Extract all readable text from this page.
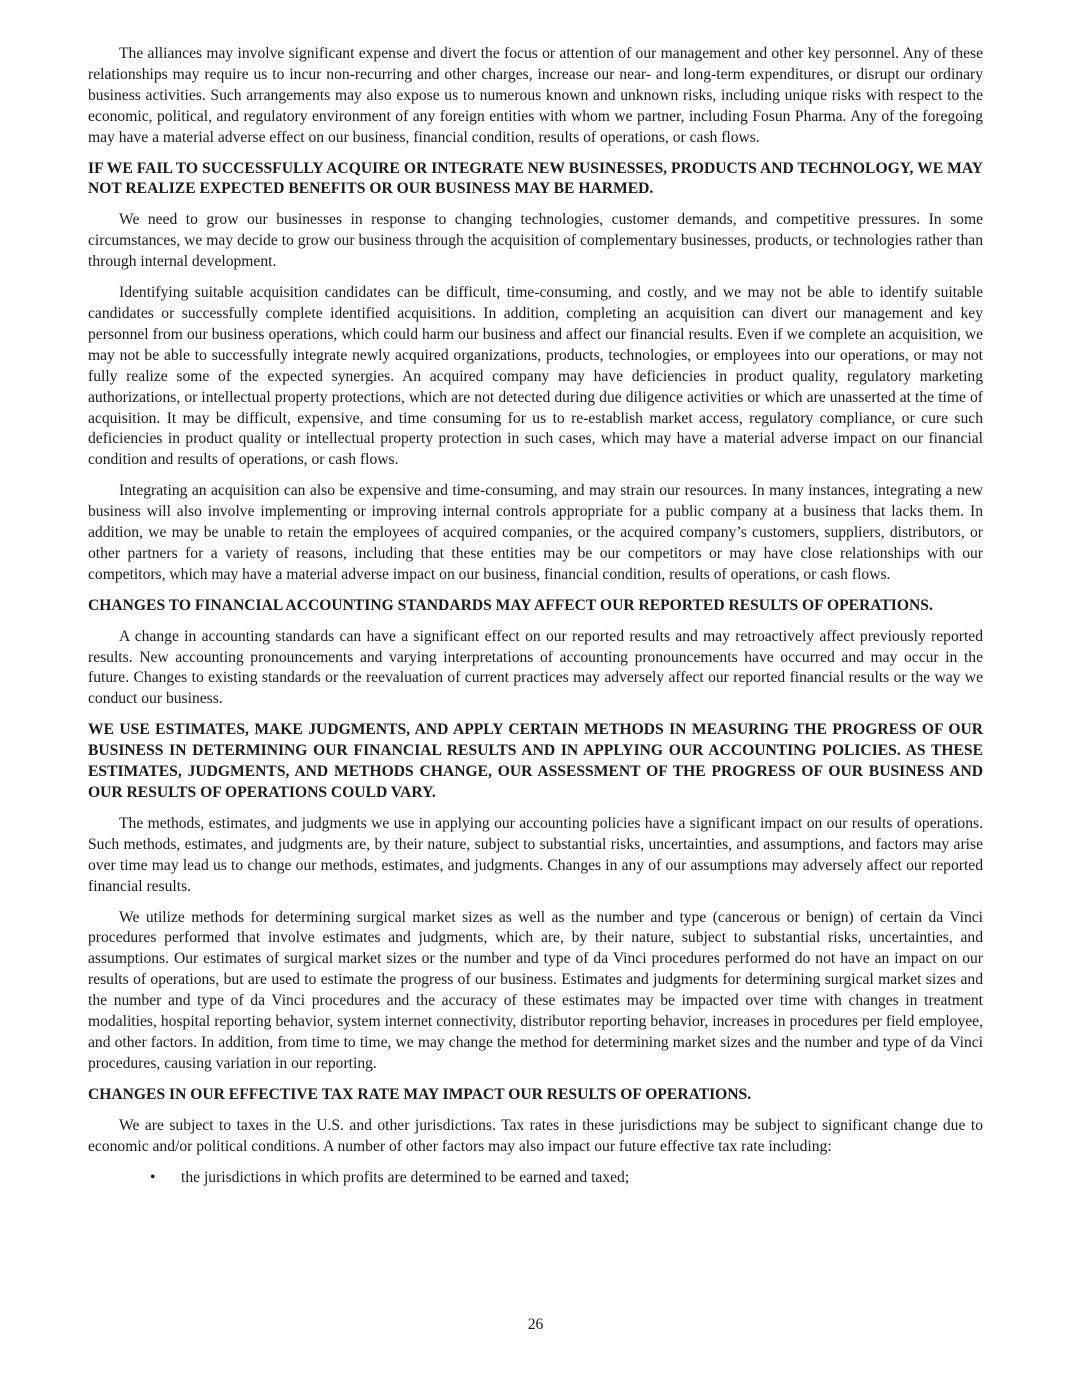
The alliances may involve significant expense and divert the focus or attention of our management and other key personnel. Any of these relationships may require us to incur non-recurring and other charges, increase our near- and long-term expenditures, or disrupt our ordinary business activities. Such arrangements may also expose us to numerous known and unknown risks, including unique risks with respect to the economic, political, and regulatory environment of any foreign entities with whom we partner, including Fosun Pharma. Any of the foregoing may have a material adverse effect on our business, financial condition, results of operations, or cash flows.

IF WE FAIL TO SUCCESSFULLY ACQUIRE OR INTEGRATE NEW BUSINESSES, PRODUCTS AND TECHNOLOGY, WE MAY NOT REALIZE EXPECTED BENEFITS OR OUR BUSINESS MAY BE HARMED.

We need to grow our businesses in response to changing technologies, customer demands, and competitive pressures. In some circumstances, we may decide to grow our business through the acquisition of complementary businesses, products, or technologies rather than through internal development.

Identifying suitable acquisition candidates can be difficult, time-consuming, and costly, and we may not be able to identify suitable candidates or successfully complete identified acquisitions. In addition, completing an acquisition can divert our management and key personnel from our business operations, which could harm our business and affect our financial results. Even if we complete an acquisition, we may not be able to successfully integrate newly acquired organizations, products, technologies, or employees into our operations, or may not fully realize some of the expected synergies. An acquired company may have deficiencies in product quality, regulatory marketing authorizations, or intellectual property protections, which are not detected during due diligence activities or which are unasserted at the time of acquisition. It may be difficult, expensive, and time consuming for us to re-establish market access, regulatory compliance, or cure such deficiencies in product quality or intellectual property protection in such cases, which may have a material adverse impact on our financial condition and results of operations, or cash flows.

Integrating an acquisition can also be expensive and time-consuming, and may strain our resources. In many instances, integrating a new business will also involve implementing or improving internal controls appropriate for a public company at a business that lacks them. In addition, we may be unable to retain the employees of acquired companies, or the acquired company’s customers, suppliers, distributors, or other partners for a variety of reasons, including that these entities may be our competitors or may have close relationships with our competitors, which may have a material adverse impact on our business, financial condition, results of operations, or cash flows.

CHANGES TO FINANCIAL ACCOUNTING STANDARDS MAY AFFECT OUR REPORTED RESULTS OF OPERATIONS.

A change in accounting standards can have a significant effect on our reported results and may retroactively affect previously reported results. New accounting pronouncements and varying interpretations of accounting pronouncements have occurred and may occur in the future. Changes to existing standards or the reevaluation of current practices may adversely affect our reported financial results or the way we conduct our business.

WE USE ESTIMATES, MAKE JUDGMENTS, AND APPLY CERTAIN METHODS IN MEASURING THE PROGRESS OF OUR BUSINESS IN DETERMINING OUR FINANCIAL RESULTS AND IN APPLYING OUR ACCOUNTING POLICIES. AS THESE ESTIMATES, JUDGMENTS, AND METHODS CHANGE, OUR ASSESSMENT OF THE PROGRESS OF OUR BUSINESS AND OUR RESULTS OF OPERATIONS COULD VARY.

The methods, estimates, and judgments we use in applying our accounting policies have a significant impact on our results of operations. Such methods, estimates, and judgments are, by their nature, subject to substantial risks, uncertainties, and assumptions, and factors may arise over time may lead us to change our methods, estimates, and judgments. Changes in any of our assumptions may adversely affect our reported financial results.

We utilize methods for determining surgical market sizes as well as the number and type (cancerous or benign) of certain da Vinci procedures performed that involve estimates and judgments, which are, by their nature, subject to substantial risks, uncertainties, and assumptions. Our estimates of surgical market sizes or the number and type of da Vinci procedures performed do not have an impact on our results of operations, but are used to estimate the progress of our business. Estimates and judgments for determining surgical market sizes and the number and type of da Vinci procedures and the accuracy of these estimates may be impacted over time with changes in treatment modalities, hospital reporting behavior, system internet connectivity, distributor reporting behavior, increases in procedures per field employee, and other factors. In addition, from time to time, we may change the method for determining market sizes and the number and type of da Vinci procedures, causing variation in our reporting.

CHANGES IN OUR EFFECTIVE TAX RATE MAY IMPACT OUR RESULTS OF OPERATIONS.

We are subject to taxes in the U.S. and other jurisdictions. Tax rates in these jurisdictions may be subject to significant change due to economic and/or political conditions. A number of other factors may also impact our future effective tax rate including:

• the jurisdictions in which profits are determined to be earned and taxed;
26
